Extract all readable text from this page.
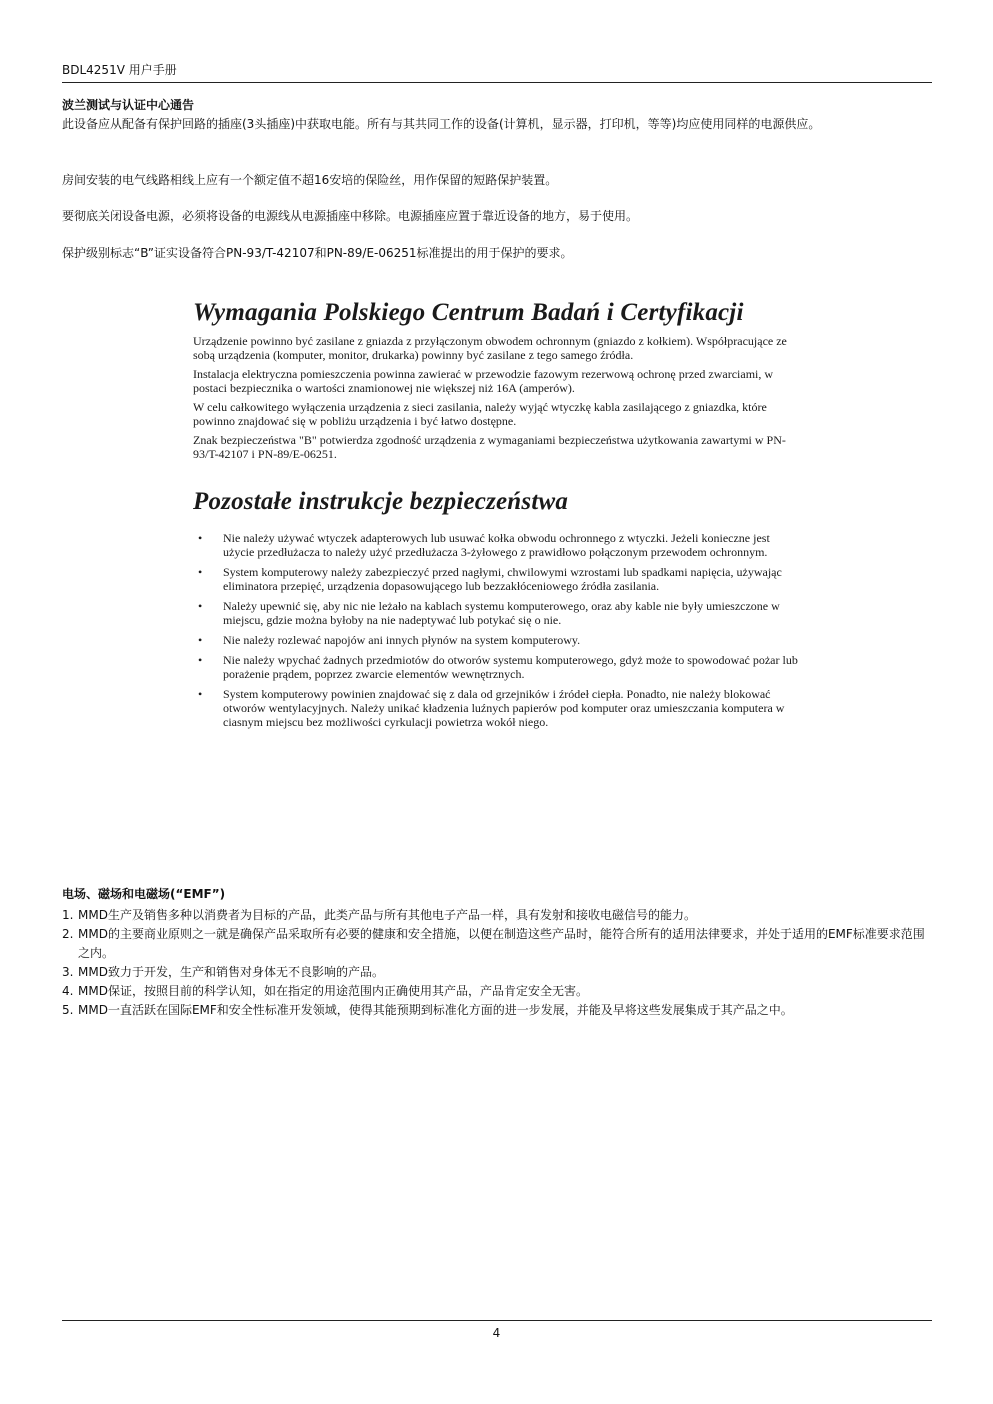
BDL4251V 用户手册
波兰测试与认证中心通告

此设备应从配备有保护回路的插座(3头插座)中获取电能。所有与其共同工作的设备(计算机，显示器，打印机，等等)均应使用同样的电源供应。

房间安装的电气线路相线上应有一个额定值不超16安培的保险丝，用作保留的短路保护装置。

要彻底关闭设备电源，必须将设备的电源线从电源插座中移除。电源插座应置于靠近设备的地方，易于使用。

保护级别标志“B”证实设备符合PN-93/T-42107和PN-89/E-06251标准提出的用于保护的要求。

Wymagania Polskiego Centrum Badań i Certyfikacji

Urządzenie powinno być zasilane z gniazda z przyłączonym obwodem ochronnym (gniazdo z kołkiem). Współpracujące ze sobą urządzenia (komputer, monitor, drukarka) powinny być zasilane z tego samego źródła.

Instalacja elektryczna pomieszczenia powinna zawierać w przewodzie fazowym rezerwową ochronę przed zwarciami, w postaci bezpiecznika o wartości znamionowej nie większej niż 16A (amperów).

W celu całkowitego wyłączenia urządzenia z sieci zasilania, należy wyjąć wtyczkę kabla zasilającego z gniazdka, które powinno znajdować się w pobliżu urządzenia i być łatwo dostępne.

Znak bezpieczeństwa "B" potwierdza zgodność urządzenia z wymaganiami bezpieczeństwa użytkowania zawartymi w PN-93/T-42107 i PN-89/E-06251.

Pozostałe instrukcje bezpieczeństwa
• Nie należy używać wtyczek adapterowych lub usuwać kołka obwodu ochronnego z wtyczki. Jeżeli konieczne jest użycie przedłużacza to należy użyć przedłużacza 3-żyłowego z prawidłowo połączonym przewodem ochronnym.
• System komputerowy należy zabezpieczyć przed nagłymi, chwilowymi wzrostami lub spadkami napięcia, używając eliminatora przepięć, urządzenia dopasowującego lub bezzakłóceniowego źródła zasilania.
• Należy upewnić się, aby nic nie leżało na kablach systemu komputerowego, oraz aby kable nie były umieszczone w miejscu, gdzie można byłoby na nie nadeptywać lub potykać się o nie.
• Nie należy rozlewać napojów ani innych płynów na system komputerowy.
• Nie należy wpychać żadnych przedmiotów do otworów systemu komputerowego, gdyż może to spowodować pożar lub porażenie prądem, poprzez zwarcie elementów wewnętrznych.
• System komputerowy powinien znajdować się z dala od grzejników i źródeł ciepła. Ponadto, nie należy blokować otworów wentylacyjnych. Należy unikać kładzenia luźnych papierów pod komputer oraz umieszczania komputera w ciasnym miejscu bez możliwości cyrkulacji powietrza wokół niego.
电场、磁场和电磁场(“EMF”)
1. MMD生产及销售多种以消费者为目标的产品，此类产品与所有其他电子产品一样，具有发射和接收电磁信号的能力。
2. MMD的主要商业原则之一就是确保产品采取所有必要的健康和安全措施，以便在制造这些产品时，能符合所有的适用法律要求，并处于适用的EMF标准要求范围之内。
3. MMD致力于开发，生产和销售对身体无不良影响的产品。
4. MMD保证，按照目前的科学认知，如在指定的用途范围内正确使用其产品，产品肯定安全无害。
5. MMD一直活跃在国际EMF和安全性标准开发领域，使得其能预期到标准化方面的进一步发展，并能及早将这些发展集成于其产品之中。
4
